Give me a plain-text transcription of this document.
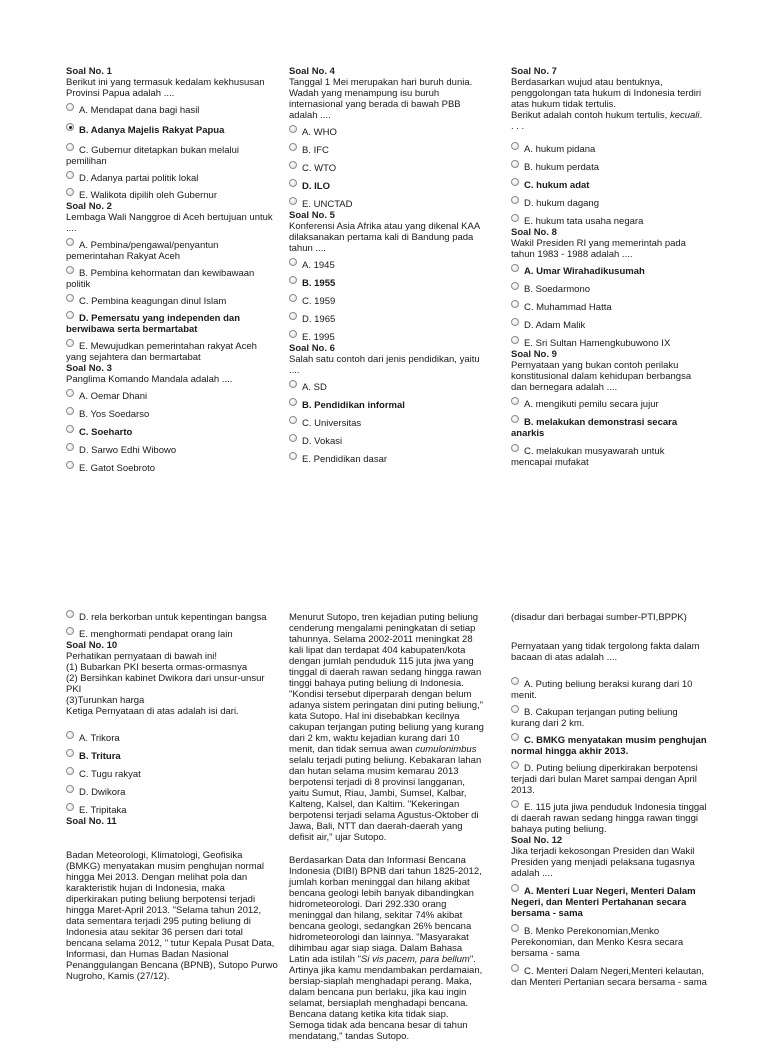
Soal No. 1
Berikut ini yang termasuk kedalam kekhususan Provinsi Papua adalah ....
A. Mendapat dana bagi hasil
B. Adanya Majelis Rakyat Papua
C. Gubernur ditetapkan bukan melalui pemilihan
D. Adanya partai politik lokal
E. Walikota dipilih oleh Gubernur
Soal No. 2
Lembaga Wali Nanggroe di Aceh bertujuan untuk ....
A. Pembina/pengawal/penyantun pemerintahan Rakyat Aceh
B. Pembina kehormatan dan kewibawaan politik
C. Pembina keagungan dinul Islam
D. Pemersatu yang independen dan berwibawa serta bermartabat
E. Mewujudkan pemerintahan rakyat Aceh yang sejahtera dan bermartabat
Soal No. 3
Panglima Komando Mandala adalah ....
A. Oemar Dhani
B. Yos Soedarso
C. Soeharto
D. Sarwo Edhi Wibowo
E. Gatot Soebroto
Soal No. 4
Tanggal 1 Mei merupakan hari buruh dunia. Wadah yang menampung isu buruh internasional yang berada di bawah PBB adalah ....
A. WHO
B. IFC
C. WTO
D. ILO
E. UNCTAD
Soal No. 5
Konferensi Asia Afrika atau yang dikenal KAA dilaksanakan pertama kali di Bandung pada tahun ....
A. 1945
B. 1955
C. 1959
D. 1965
E. 1995
Soal No. 6
Salah satu contoh dari jenis pendidikan, yaitu ....
A. SD
B. Pendidikan informal
C. Universitas
D. Vokasi
E. Pendidikan dasar
Soal No. 7
Berdasarkan wujud atau bentuknya, penggolongan tata hukum di Indonesia terdiri atas hukum tidak tertulis.
Berikut adalah contoh hukum tertulis, kecuali. . . .
A. hukum pidana
B. hukum perdata
C. hukum adat
D. hukum dagang
E. hukum tata usaha negara
Soal No. 8
Wakil Presiden RI yang memerintah pada tahun 1983 - 1988 adalah ....
A. Umar Wirahadikusumah
B. Soedarmono
C. Muhammad Hatta
D. Adam Malik
E. Sri Sultan Hamengkubuwono IX
Soal No. 9
Pernyataan yang bukan contoh perilaku konstitusional dalam kehidupan berbangsa dan bernegara adalah ....
A. mengikuti pemilu secara jujur
B. melakukan demonstrasi secara anarkis
C. melakukan musyawarah untuk mencapai mufakat
D. rela berkorban untuk kepentingan bangsa
E. menghormati pendapat orang lain
Soal No. 10
Perhatikan pernyataan di bawah ini!
(1) Bubarkan PKI beserta ormas-ormasnya
(2) Bersihkan kabinet Dwikora dari unsur-unsur PKI
(3)Turunkan harga
Ketiga Pernyataan di atas adalah isi dari.
A. Trikora
B. Tritura
C. Tugu rakyat
D. Dwikora
E. Tripitaka
Soal No. 11
Badan Meteorologi, Klimatologi, Geofisika (BMKG) menyatakan musim penghujan normal hingga Mei 2013. Dengan melihat pola dan karakteristik hujan di Indonesia, maka diperkirakan puting beliung berpotensi terjadi hingga Maret-April 2013. "Selama tahun 2012, data sementara terjadi 295 puting beliung di Indonesia atau sekitar 36 persen dari total bencana selama 2012, " tutur Kepala Pusat Data, Informasi, dan Humas Badan Nasional Penanggulangan Bencana (BPNB), Sutopo Purwo Nugroho, Kamis (27/12).
Menurut Sutopo, tren kejadian puting beliung cenderung mengalami peningkatan di setiap tahunnya. Selama 2002-2011 meningkat 28 kali lipat dan terdapat 404 kabupaten/kota dengan jumlah penduduk 115 juta jiwa yang tinggal di daerah rawan sedang hingga rawan tinggi bahaya puting beliung di Indonesia. "Kondisi tersebut diperparah dengan belum adanya sistem peringatan dini puting beliung," kata Sutopo. Hal ini disebabkan kecilnya cakupan terjangan puting beliung yang kurang dari 2 km, waktu kejadian kurang dari 10 menit, dan tidak semua awan cumulonimbus selalu terjadi puting beliung. Kebakaran lahan dan hutan selama musim kemarau 2013 berpotensi terjadi di 8 provinsi langganan, yaitu Sumut, Riau, Jambi, Sumsel, Kalbar, Kalteng, Kalsel, dan Kaltim. "Kekeringan berpotensi terjadi selama Agustus-Oktober di Jawa, Bali, NTT dan daerah-daerah yang defisit air," ujar Sutopo.
Berdasarkan Data dan Informasi Bencana Indonesia (DIBI) BPNB dari tahun 1825-2012, jumlah korban meninggal dan hilang akibat bencana geologi lebih banyak dibandingkan hidrometeorologi. Dari 292.330 orang meninggal dan hilang, sekitar 74% akibat bencana geologi, sedangkan 26% bencana hidrometeorologi dan lainnya. "Masyarakat dihimbau agar siap siaga. Dalam Bahasa Latin ada istilah "Si vis pacem, para bellum". Artinya jika kamu mendambakan perdamaian, bersiap-siaplah menghadapi perang. Maka, dalam bencana pun berlaku, jika kau ingin selamat, bersiaplah menghadapi bencana. Bencana datang ketika kita tidak siap. Semoga tidak ada bencana besar di tahun mendatang," tandas Sutopo.
(disadur dari berbagai sumber-PTI,BPPK)
Pernyataan yang tidak tergolong fakta dalam bacaan di atas adalah ....
A. Puting beliung beraksi kurang dari 10 menit.
B. Cakupan terjangan puting beliung kurang dari 2 km.
C. BMKG menyatakan musim penghujan normal hingga akhir 2013.
D. Puting beliung diperkirakan berpotensi terjadi dari bulan Maret sampai dengan April 2013.
E. 115 juta jiwa penduduk Indonesia tinggal di daerah rawan sedang hingga rawan tinggi bahaya puting beliung.
Soal No. 12
Jika terjadi kekosongan Presiden dan Wakil Presiden yang menjadi pelaksana tugasnya adalah ....
A. Menteri Luar Negeri, Menteri Dalam Negeri, dan Menteri Pertahanan secara bersama - sama
B. Menko Perekonomian,Menko Perekonomian, dan Menko Kesra secara bersama - sama
C. Menteri Dalam Negeri,Menteri kelautan, dan Menteri Pertanian secara bersama - sama
